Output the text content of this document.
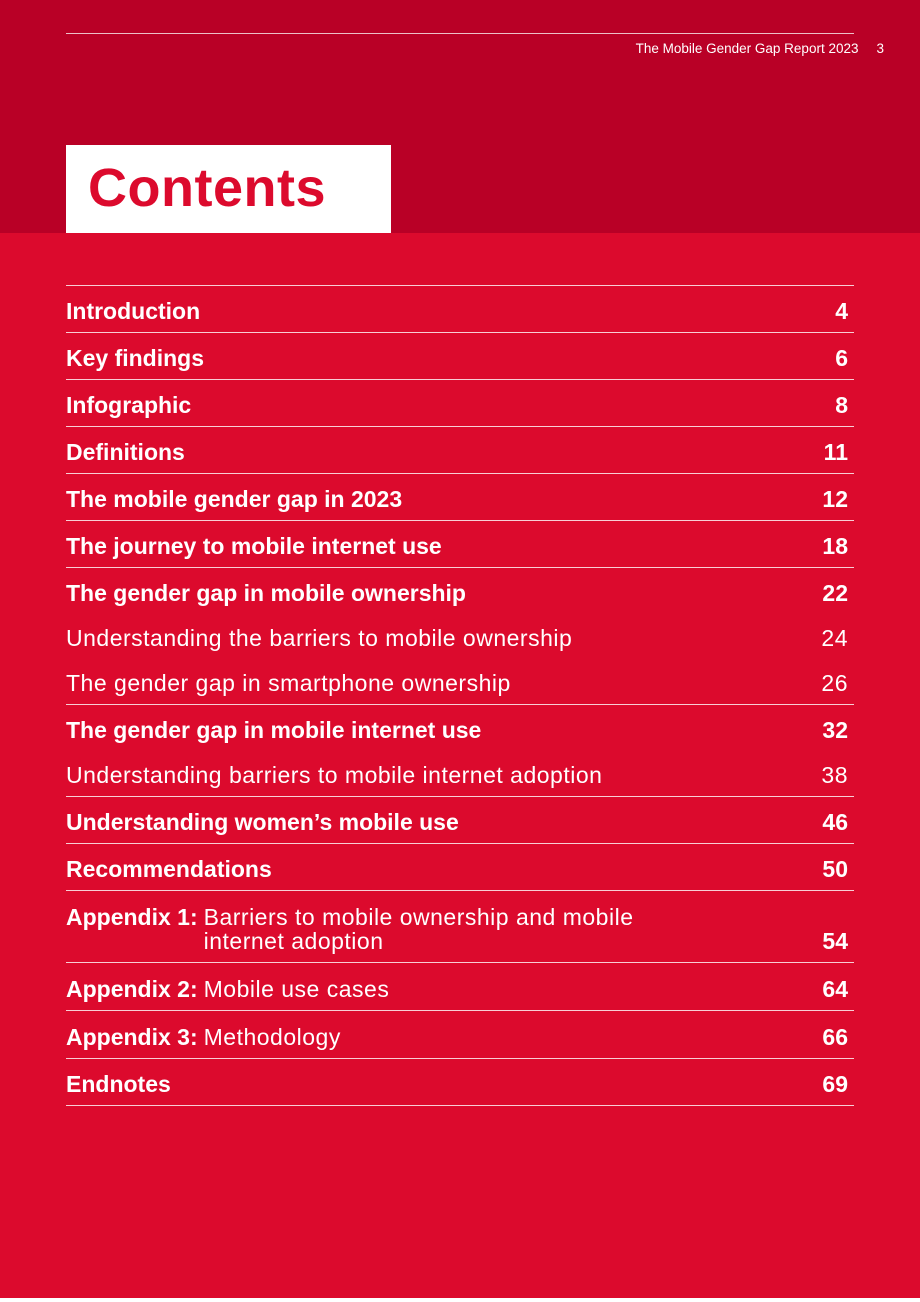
The Mobile Gender Gap Report 2023 3
Contents
Introduction	4
Key findings	6
Infographic	8
Definitions	11
The mobile gender gap in 2023	12
The journey to mobile internet use	18
The gender gap in mobile ownership	22
Understanding the barriers to mobile ownership	24
The gender gap in smartphone ownership	26
The gender gap in mobile internet use	32
Understanding barriers to mobile internet adoption	38
Understanding women’s mobile use	46
Recommendations	50
Appendix 1: Barriers to mobile ownership and mobile internet adoption	54
Appendix 2: Mobile use cases	64
Appendix 3: Methodology	66
Endnotes	69
